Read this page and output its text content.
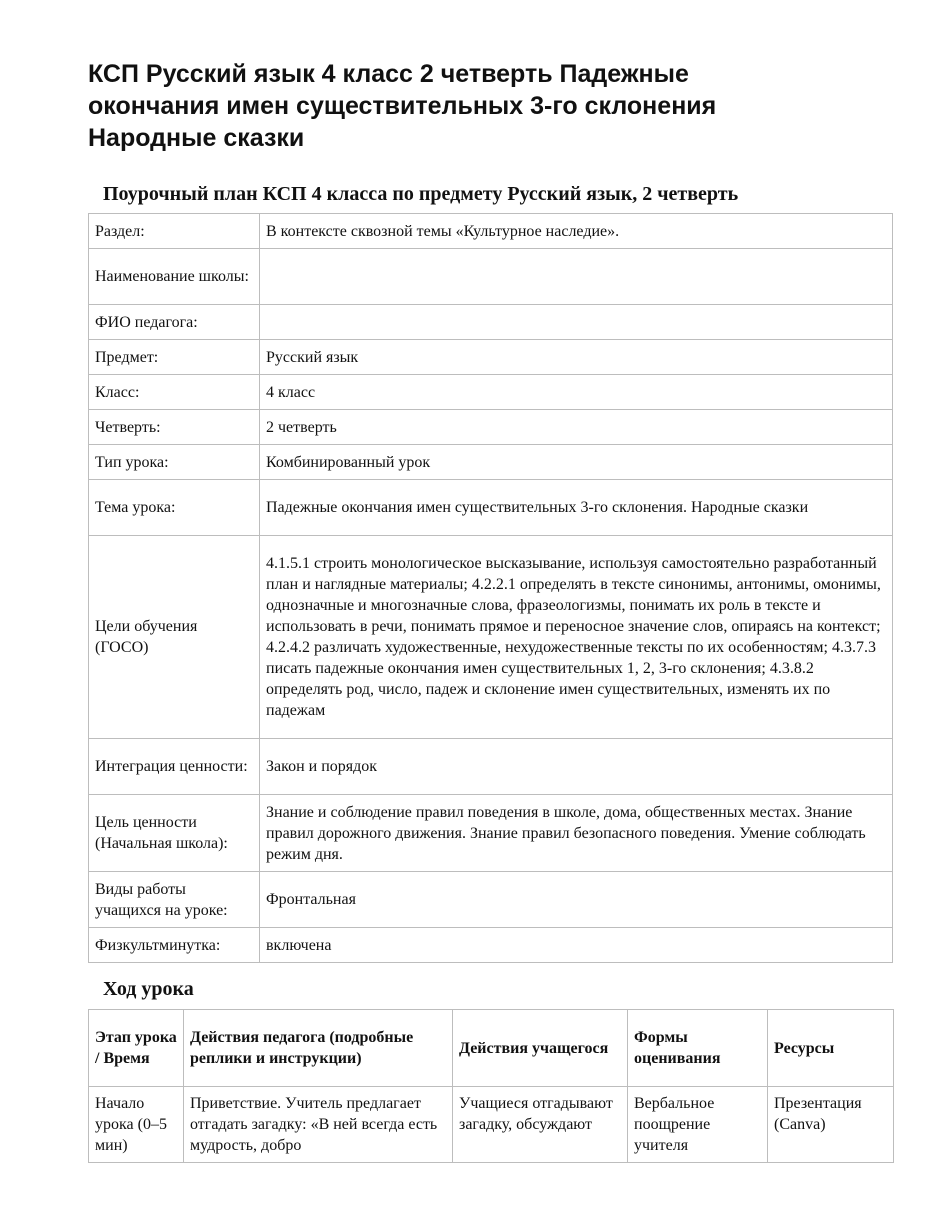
КСП Русский язык 4 класс 2 четверть Падежные окончания имен существительных 3-го склонения Народные сказки
Поурочный план КСП 4 класса по предмету Русский язык, 2 четверть
Раздел:	В контексте сквозной темы «Культурное наследие».
Наименование школы:	
ФИО педагога:	
Предмет:	Русский язык
Класс:	4 класс
Четверть:	2 четверть
Тип урока:	Комбинированный урок
Тема урока:	Падежные окончания имен существительных 3-го склонения. Народные сказки
Цели обучения (ГОСО)	4.1.5.1 строить монологическое высказывание, используя самостоятельно разработанный план и наглядные материалы; 4.2.2.1 определять в тексте синонимы, антонимы, омонимы, однозначные и многозначные слова, фразеологизмы, понимать их роль в тексте и использовать в речи, понимать прямое и переносное значение слов, опираясь на контекст; 4.2.4.2 различать художественные, нехудожественные тексты по их особенностям; 4.3.7.3 писать падежные окончания имен существительных 1, 2, 3-го склонения; 4.3.8.2 определять род, число, падеж и склонение имен существительных, изменять их по падежам
Интеграция ценности:	Закон и порядок
Цель ценности (Начальная школа):	Знание и соблюдение правил поведения в школе, дома, общественных местах. Знание правил дорожного движения. Знание правил безопасного поведения. Умение соблюдать режим дня.
Виды работы учащихся на уроке:	Фронтальная
Физкультминутка:	включена
Ход урока
Этап урока / Время	Действия педагога (подробные реплики и инструкции)	Действия учащегося	Формы оценивания	Ресурсы
Начало урока (0–5 мин)	Приветствие. Учитель предлагает отгадать загадку: «В ней всегда есть мудрость, добро	Учащиеся отгадывают загадку, обсуждают	Вербальное поощрение учителя	Презентация (Canva)
